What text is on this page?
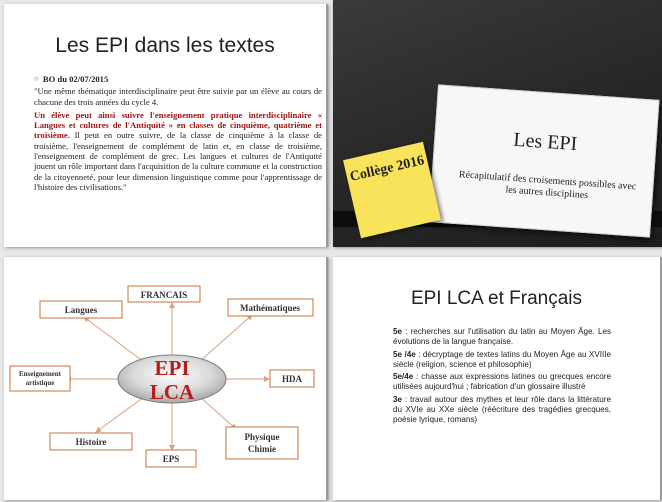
Les EPI dans les textes
○ BO du 02/07/2015

"Une même thématique interdisciplinaire peut être suivie par un élève au cours de chacune des trois années du cycle 4.

Un élève peut ainsi suivre l'enseignement pratique interdisciplinaire « Langues et cultures de l'Antiquité » en classes de cinquième, quatrième et troisième. Il peut en outre suivre, de la classe de cinquième à la classe de troisième, l'enseignement de complément de latin et, en classe de troisième, l'enseignement de complément de grec. Les langues et cultures de l'Antiquité jouent un rôle important dans l'acquisition de la culture commune et la construction de la citoyenneté, pour leur dimension linguistique comme pour l'apprentissage de l'histoire des civilisations."

Les EPI
Récapitulatif des croisements possibles avec les autres disciplines
Collège 2016
EPI
LCA
FRANCAIS
Langues	Mathématiques
Enseignement
artistique	HDA
Histoire
EPS
Physique
Chimie
EPI LCA et Français
5e : recherches sur l'utilisation du latin au Moyen Âge. Les évolutions de la langue française.
5e /4e : décryptage de textes latins du Moyen Âge au XVIIIe siècle (religion, science et philosophie)
5e/4e : chasse aux expressions latines ou grecques encore utilisées aujourd'hui ; fabrication d'un glossaire illustré
3e : travail autour des mythes et leur rôle dans la littérature du XVIe au XXe siècle (réécriture des tragédies grecques, poésie lyrique, romans)
